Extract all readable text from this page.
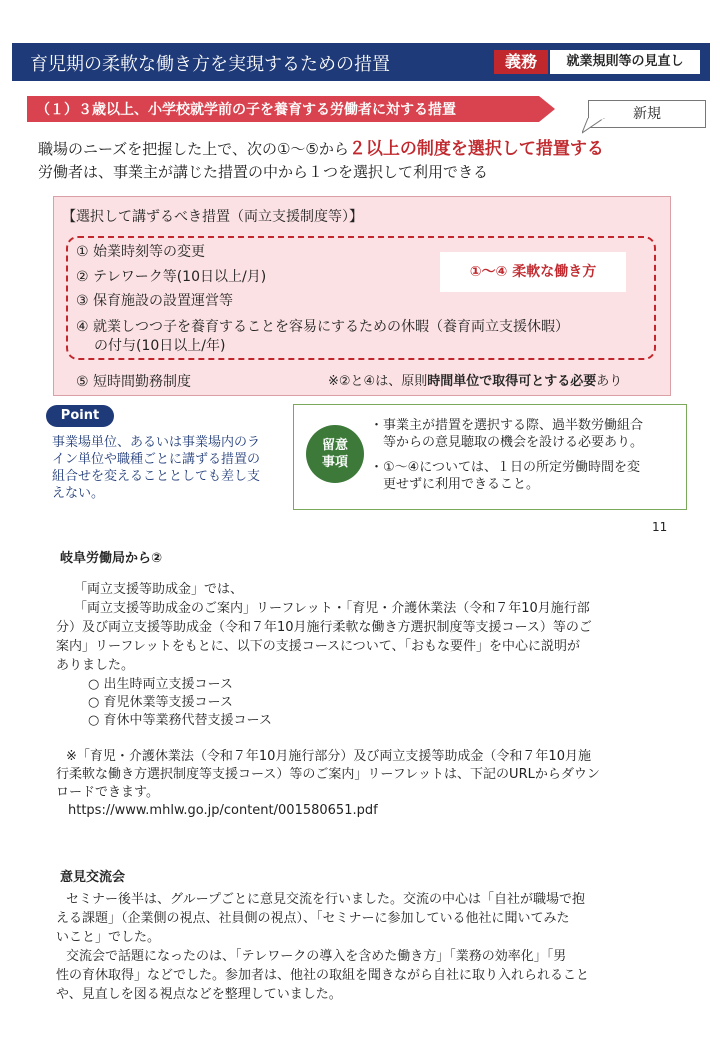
育児期の柔軟な働き方を実現するための措置	義務	就業規則等の見直し
（１）３歳以上、小学校就学前の子を養育する労働者に対する措置	新規
職場のニーズを把握した上で、次の①～⑤から２以上の制度を選択して措置する
労働者は、事業主が講じた措置の中から１つを選択して利用できる
【選択して講ずるべき措置（両立支援制度等）】
① 始業時刻等の変更
② テレワーク等(10日以上/月)
③ 保育施設の設置運営等
④ 就業しつつ子を養育することを容易にするための休暇（養育両立支援休暇）
の付与(10日以上/年)
⑤ 短時間勤務制度
①～④ 柔軟な働き方
※②と④は、原則時間単位で取得可とする必要あり
Point
事業場単位、あるいは事業場内のライン単位や職種ごとに講ずる措置の組合せを変えることとしても差し支えない。
留意
事項
・事業主が措置を選択する際、過半数労働組合
　等からの意見聴取の機会を設ける必要あり。
・①～④については、１日の所定労働時間を変
　更せずに利用できること。
11
岐阜労働局から②
「両立支援等助成金」では、
「両立支援等助成金のご案内」リーフレット・「育児・介護休業法（令和７年10月施行部
分）及び両立支援等助成金（令和７年10月施行柔軟な働き方選択制度等支援コース）等のご
案内」リーフレットをもとに、以下の支援コースについて、「おもな要件」を中心に説明が
ありました。
○ 出生時両立支援コース
○ 育児休業等支援コース
○ 育休中等業務代替支援コース
※「育児・介護休業法（令和７年10月施行部分）及び両立支援等助成金（令和７年10月施
行柔軟な働き方選択制度等支援コース）等のご案内」リーフレットは、下記のURLからダウン
ロードできます。
https://www.mhlw.go.jp/content/001580651.pdf
意見交流会
セミナー後半は、グループごとに意見交流を行いました。交流の中心は「自社が職場で抱
える課題」（企業側の視点、社員側の視点）、「セミナーに参加している他社に聞いてみた
いこと」でした。
交流会で話題になったのは、「テレワークの導入を含めた働き方」「業務の効率化」「男
性の育休取得」などでした。参加者は、他社の取組を聞きながら自社に取り入れられること
や、見直しを図る視点などを整理していました。
